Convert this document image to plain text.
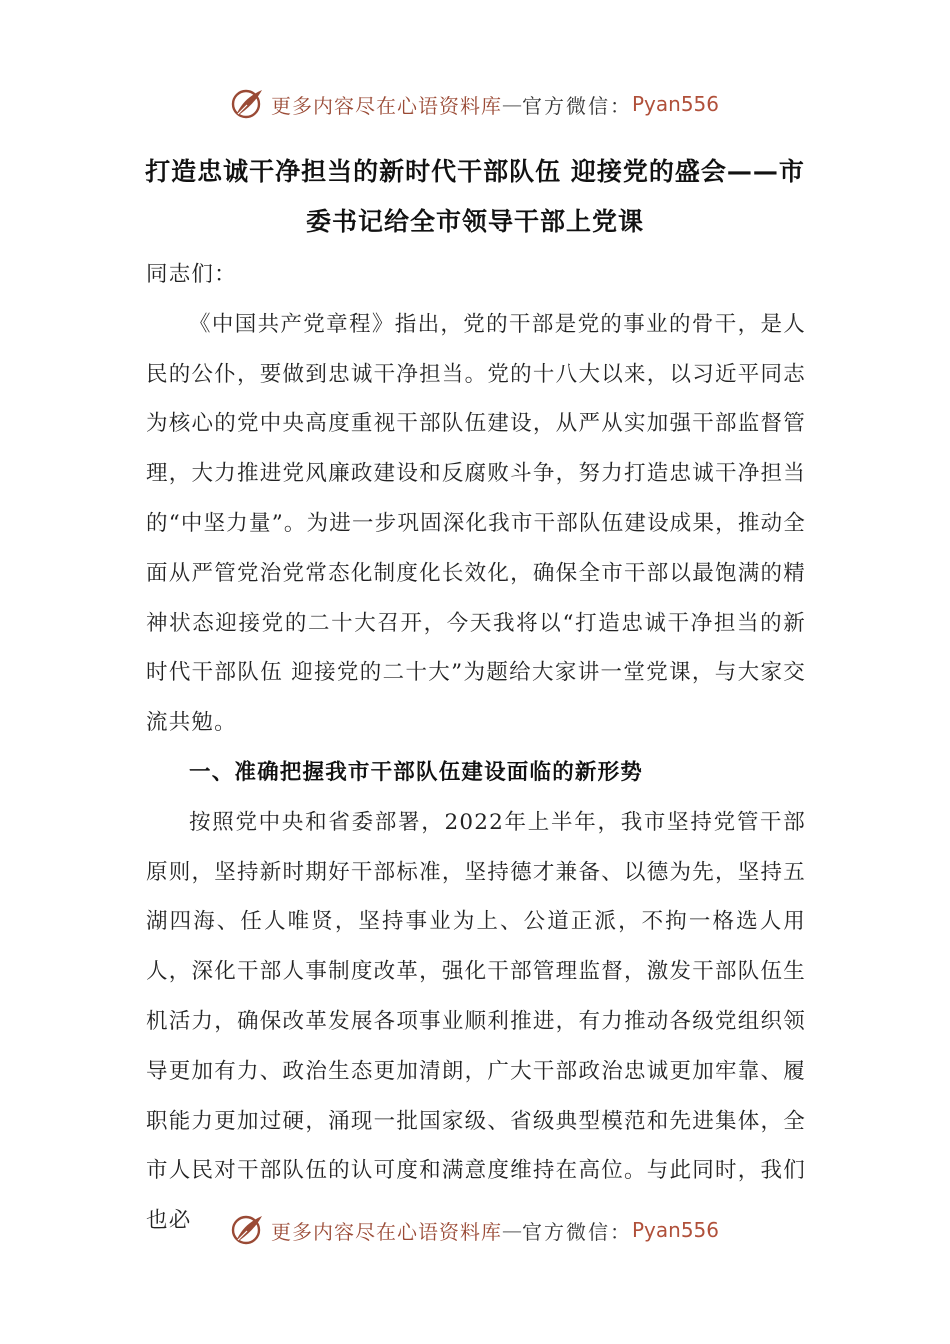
更多内容尽在心语资料库 — 官方微信： Pyan556
打造忠诚干净担当的新时代干部队伍 迎接党的盛会——市
委书记给全市领导干部上党课

同志们：

《中国共产党章程》指出，党的干部是党的事业的骨干，是人民的公仆，要做到忠诚干净担当。党的十八大以来，以习近平同志为核心的党中央高度重视干部队伍建设，从严从实加强干部监督管理，大力推进党风廉政建设和反腐败斗争，努力打造忠诚干净担当的“中坚力量”。为进一步巩固深化我市干部队伍建设成果，推动全面从严管党治党常态化制度化长效化，确保全市干部以最饱满的精神状态迎接党的二十大召开，今天我将以“打造忠诚干净担当的新时代干部队伍 迎接党的二十大”为题给大家讲一堂党课，与大家交流共勉。

一、准确把握我市干部队伍建设面临的新形势

按照党中央和省委部署，2022年上半年，我市坚持党管干部原则，坚持新时期好干部标准，坚持德才兼备、以德为先，坚持五湖四海、任人唯贤，坚持事业为上、公道正派，不拘一格选人用人，深化干部人事制度改革，强化干部管理监督，激发干部队伍生机活力，确保改革发展各项事业顺利推进，有力推动各级党组织领导更加有力、政治生态更加清朗，广大干部政治忠诚更加牢靠、履职能力更加过硬，涌现一批国家级、省级典型模范和先进集体，全市人民对干部队伍的认可度和满意度维持在高位。与此同时，我们也必	更多内容尽在心语资料库 — 官方微信： Pyan556
